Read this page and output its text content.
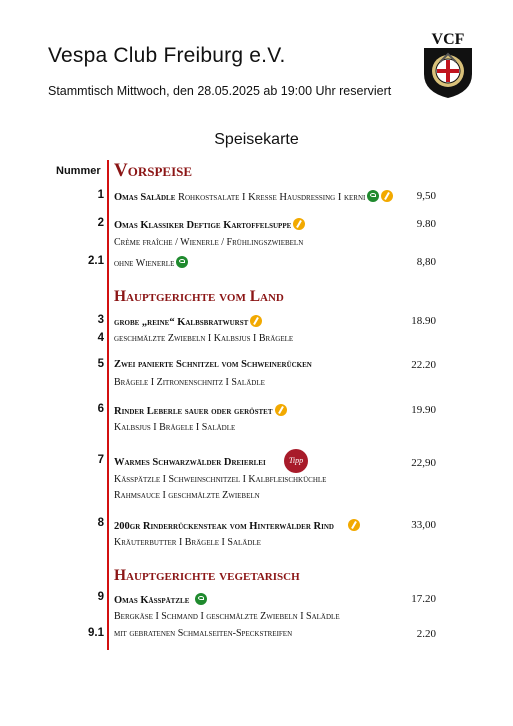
Vespa Club Freiburg e.V.
Stammtisch Mittwoch, den 28.05.2025 ab 19:00 Uhr reserviert
VCF
Speisekarte
Nummer Vorspeise
1 Omas Salädle Rohkostsalate I Kresse Hausdressing I kerni	9,50
2 Omas Klassiker Deftige Kartoffelsuppe	9.80
Crème fraîche / Wienerle / Frühlingszwiebeln
2.1 ohne Wienerle	8,80
Hauptgerichte vom Land
3 grobe „reine“ Kalbsbratwurst	18.90
4 geschmälzte Zwiebeln I Kalbsjus I Brägele
5 Zwei panierte Schnitzel vom Schweinerücken	22.20
Brägele I Zitronenschnitz I Salädle
6 Rinder Leberle sauer oder geröstet	19.90
Kalbsjus I Brägele I Salädle
7 Warmes Schwarzwälder Dreierlei	Tipp	22,90
Kässpätzle I Schweinschnitzel I Kalbfleischküchle
Rahmsauce I geschmälzte Zwiebeln
8 200gr Rinderrückensteak vom Hinterwälder Rind	33,00
Kräuterbutter I Brägele I Salädle
Hauptgerichte vegetarisch
9 Omas Kässpätzle	17.20
Bergkäse I Schmand I geschmälzte Zwiebeln I Salädle
9.1 mit gebratenen Schmalseiten-Speckstreifen	2.20
